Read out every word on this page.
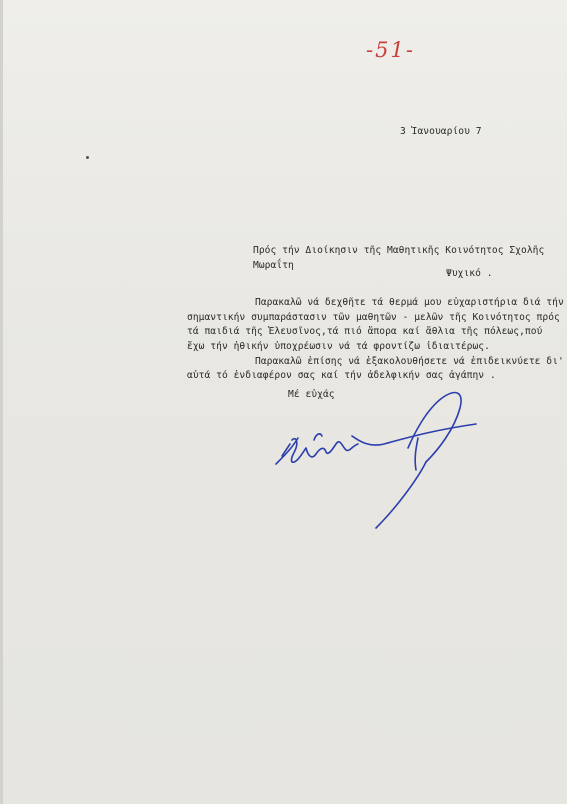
-51-
3 Ἰανουαρίου 7
Πρός τήν Διοίκησιν τῆς Μαθητικῆς Κοινότητος Σχολῆς
Μωραΐτη
Ψυχικό .
Παρακαλῶ νά δεχθῆτε τά θερμά μου εὐχαριστήρια διά τήν
σημαντικήν συμπαράστασιν τῶν μαθητῶν - μελῶν τῆς Κοινότητος πρός
τά παιδιά τῆς Ἐλευσῖνος,τά πιό ἄπορα καί ἄθλια τῆς πόλεως,πού
ἔχω τήν ἠθικήν ὑποχρέωσιν νά τά φροντίζω ἰδιαιτέρως.
Παρακαλῶ ἐπίσης νά ἐξακολουθήσετε νά ἐπιδεικνύετε δι'
αὐτά τό ἐνδιαφέρον σας καί τήν ἀδελφικήν σας ἀγάπην .
Μέ εὐχάς
